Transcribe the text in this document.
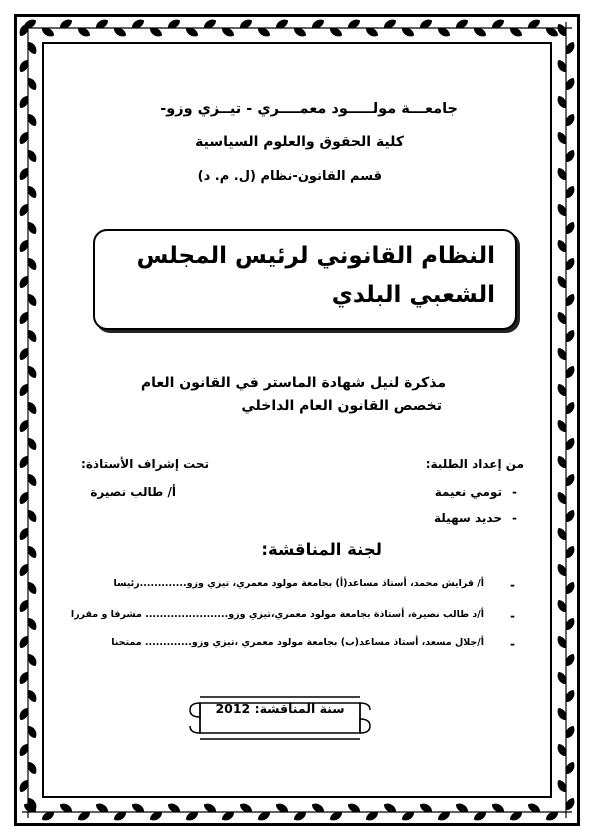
جامعـــة مولـــــود معمــــري - تيــزي وزو-
كلية الحقوق والعلوم السياسية
قسم القانون-نظام (ل. م. د)
النظام القانوني لرئيس المجلس الشعبي البلدي
مذكرة لنيل شهادة الماستر في القانون العام
تخصص القانون العام الداخلي
من إعداد الطلبة:
تحت إشراف الأستاذة:
-
تومي نعيمة
-
حديد سهيلة
أ/ طالب نصيرة
لجنة المناقشة:
-
أ/ قرايش محمد، أستاذ مساعد(أ) بجامعة مولود معمري، تيزي وزو.............رئيسا
-
أ/د طالب نصيرة، أستاذة بجامعة مولود معمري،تيزي وزو....................... مشرفا و مقررا
-
أ/جلال مسعد، أستاذ مساعد(ب) بجامعة مولود معمري ،تيزي وزو............. ممتحنا
سنة المناقشة: 2012
